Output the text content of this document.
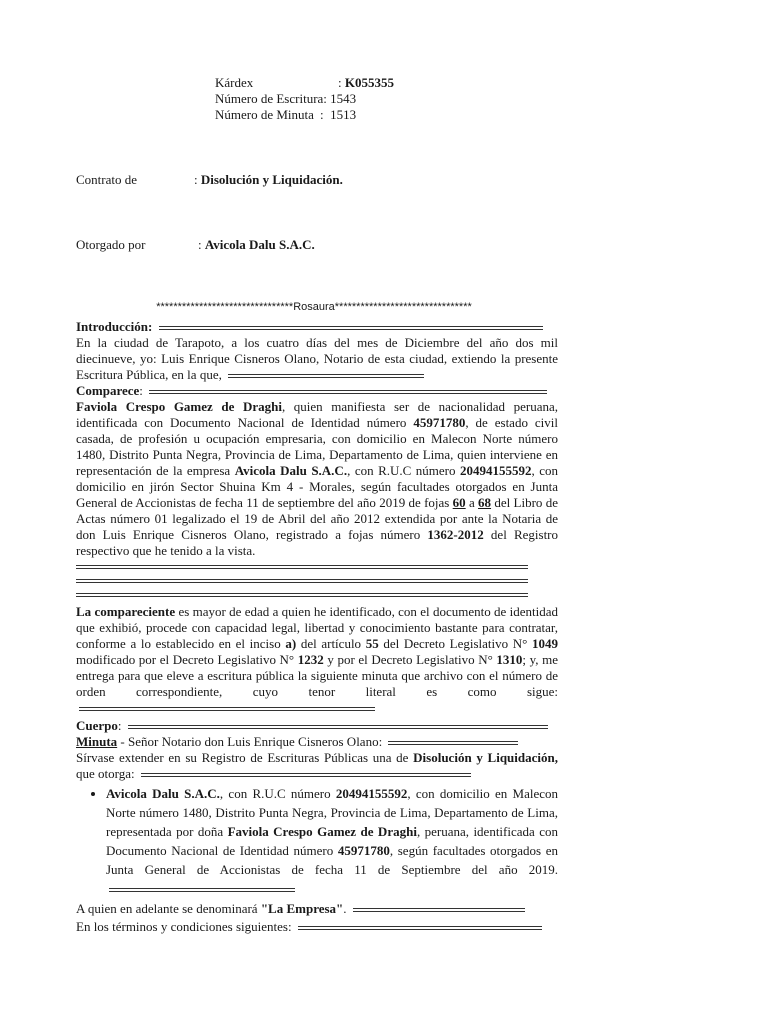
Kárdex	:
K055355
Número de Escritura:
1543
Número de Minuta :
1513
Contrato de	: Disolución y Liquidación.
Otorgado por	: Avicola Dalu S.A.C.
********************************Rosaura********************************

Introducción:

En la ciudad de Tarapoto, a los cuatro días del mes de Diciembre del año dos mil diecinueve, yo: Luis Enrique Cisneros Olano, Notario de esta ciudad, extiendo la presente Escritura Pública, en la que,

Comparece:

Faviola Crespo Gamez de Draghi, quien manifiesta ser de nacionalidad peruana, identificada con Documento Nacional de Identidad número 45971780, de estado civil casada, de profesión u ocupación empresaria, con domicilio en Malecon Norte número 1480, Distrito Punta Negra, Provincia de Lima, Departamento de Lima, quien interviene en representación de la empresa Avicola Dalu S.A.C., con R.U.C número 20494155592, con domicilio en jirón Sector Shuina Km 4 - Morales, según facultades otorgados en Junta General de Accionistas de fecha 11 de septiembre del año 2019 de fojas 60 a 68 del Libro de Actas número 01 legalizado el 19 de Abril del año 2012 extendida por ante la Notaria de don Luis Enrique Cisneros Olano, registrado a fojas número 1362-2012 del Registro respectivo que he tenido a la vista.

La compareciente es mayor de edad a quien he identificado, con el documento de identidad que exhibió, procede con capacidad legal, libertad y conocimiento bastante para contratar, conforme a lo establecido en el inciso a) del artículo 55 del Decreto Legislativo N° 1049 modificado por el Decreto Legislativo N° 1232 y por el Decreto Legislativo N° 1310; y, me entrega para que eleve a escritura pública la siguiente minuta que archivo con el número de orden correspondiente, cuyo tenor literal es como sigue:

Cuerpo:

Minuta - Señor Notario don Luis Enrique Cisneros Olano:

Sírvase extender en su Registro de Escrituras Públicas una de Disolución y Liquidación, que otorga:

• Avicola Dalu S.A.C., con R.U.C número 20494155592, con domicilio en Malecon Norte número 1480, Distrito Punta Negra, Provincia de Lima, Departamento de Lima, representada por doña Faviola Crespo Gamez de Draghi, peruana, identificada con Documento Nacional de Identidad número 45971780, según facultades otorgados en Junta General de Accionistas de fecha 11 de Septiembre del año 2019.

A quien en adelante se denominará "La Empresa".

En los términos y condiciones siguientes:
